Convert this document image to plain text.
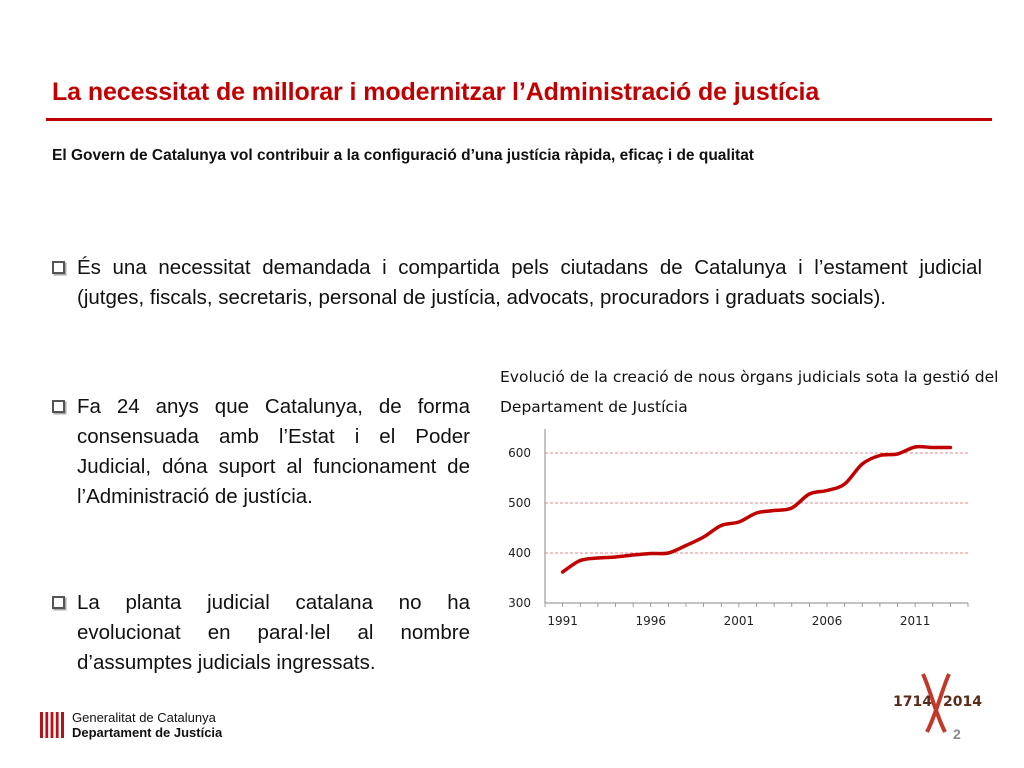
La necessitat de millorar i modernitzar l’Administració de justícia
El Govern de Catalunya vol contribuir a la configuració d’una justícia ràpida, eficaç i de qualitat
És una necessitat demandada i compartida pels ciutadans de Catalunya i l’estament judicial (jutges, fiscals, secretaris, personal de justícia, advocats, procuradors i graduats socials).
Fa 24 anys que Catalunya, de forma consensuada amb l’Estat i el Poder Judicial, dóna suport al funcionament de l’Administració de justícia.
La planta judicial catalana no ha evolucionat en paral·lel al nombre d’assumptes judicials ingressats.
Evolució de la creació de nous òrgans judicials sota la gestió del Departament de Justícia
300
400
500
600
1991	1996	2001	2006	2011
Generalitat de Catalunya
Departament de Justícia
1714 2014
2
